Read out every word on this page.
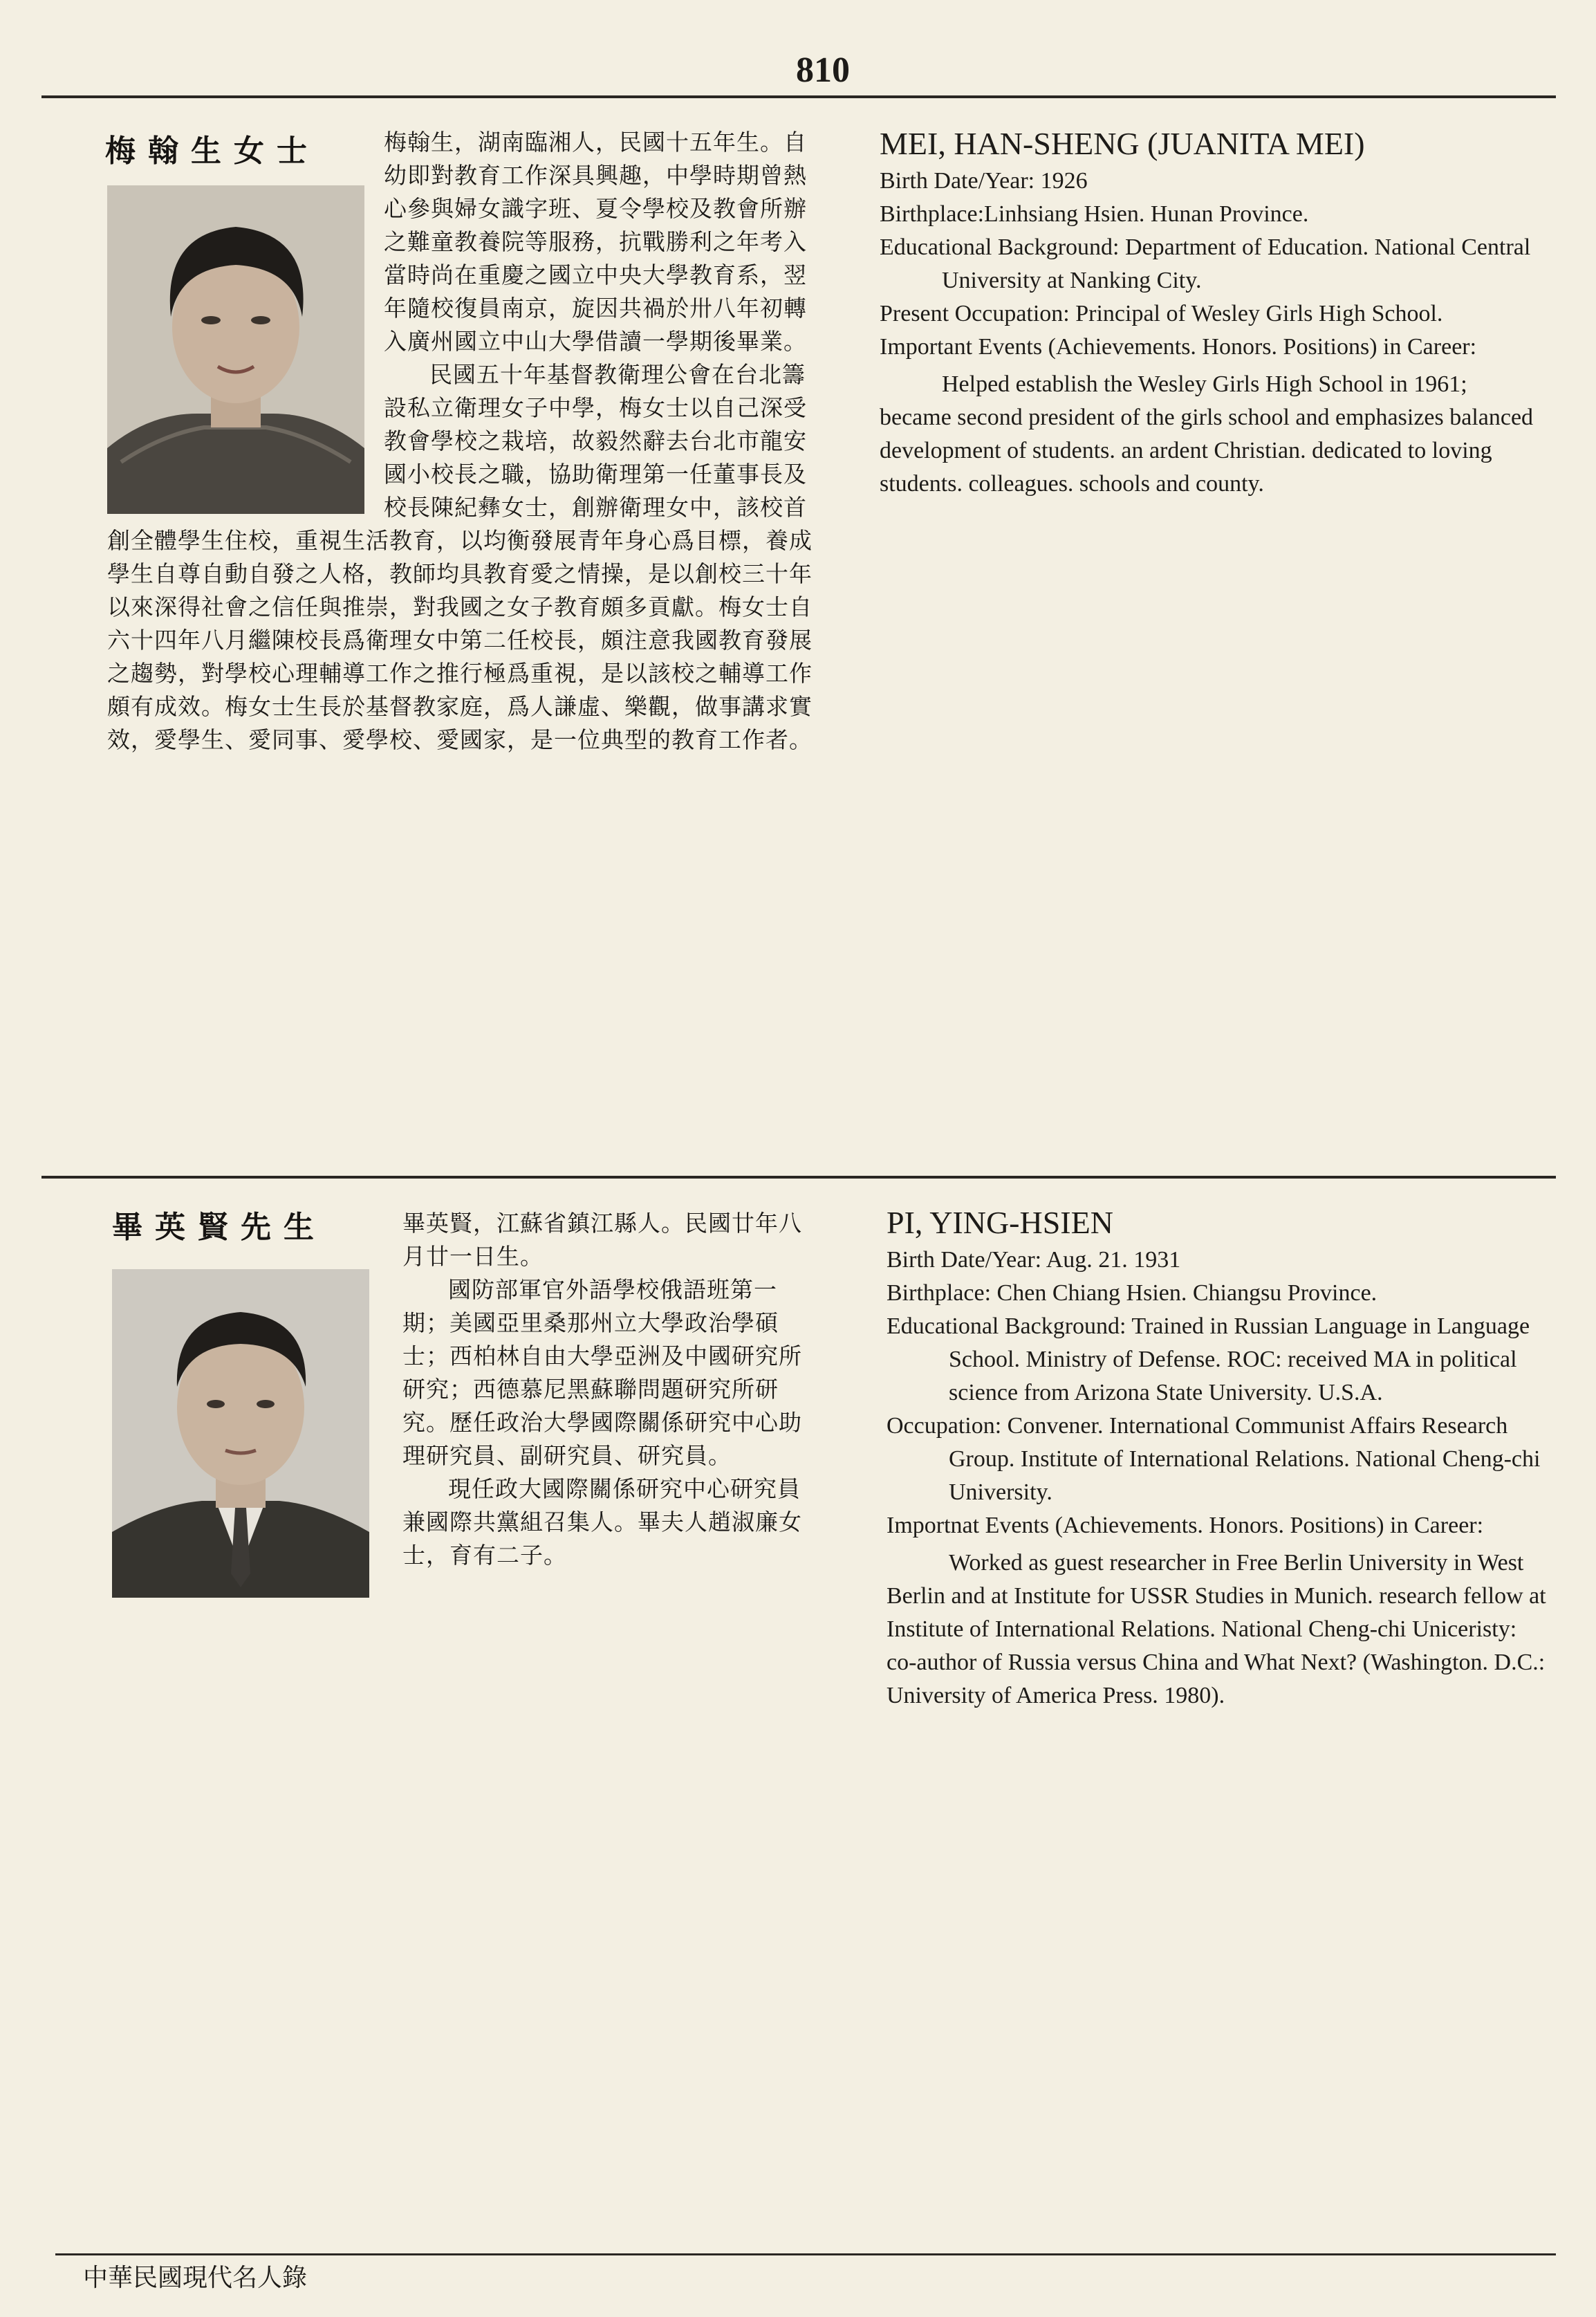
810
梅翰生女士	梅翰生，湖南臨湘人，民國十五年生。自幼即對教育工作深具興趣，中學時期曾熱心參與婦女識字班、夏令學校及教會所辦之難童教養院等服務，抗戰勝利之年考入當時尚在重慶之國立中央大學教育系，翌年隨校復員南京，旋因共禍於卅八年初轉入廣州國立中山大學借讀一學期後畢業。

民國五十年基督教衛理公會在台北籌設私立衛理女子中學，梅女士以自己深受教會學校之栽培，故毅然辭去台北市龍安國小校長之職，協助衛理第一任董事長及校長陳紀彝女士，創辦衛理女中，該校首創全體學生住校，重視生活教育，以均衡發展青年身心爲目標，養成學生自尊自動自發之人格，教師均具教育愛之情操，是以創校三十年以來深得社會之信任與推崇，對我國之女子教育頗多貢獻。梅女士自六十四年八月繼陳校長爲衛理女中第二任校長，頗注意我國教育發展之趨勢，對學校心理輔導工作之推行極爲重視，是以該校之輔導工作頗有成效。梅女士生長於基督教家庭，爲人謙虛、樂觀，做事講求實效，愛學生、愛同事、愛學校、愛國家，是一位典型的教育工作者。

MEI, HAN-SHENG (JUANITA MEI)
Birth Date/Year: 1926
Birthplace:Linhsiang Hsien. Hunan Province.
Educational Background: Department of Education. National Central University at Nanking City.
Present Occupation: Principal of Wesley Girls High School.
Important Events (Achievements. Honors. Positions) in Career:
Helped establish the Wesley Girls High School in 1961; became second president of the girls school and emphasizes balanced development of students. an ardent Christian. dedicated to loving students. colleagues. schools and county.
畢英賢先生	畢英賢，江蘇省鎮江縣人。民國廿年八月廿一日生。

國防部軍官外語學校俄語班第一期；美國亞里桑那州立大學政治學碩士；西柏林自由大學亞洲及中國研究所研究；西德慕尼黑蘇聯問題研究所研究。歷任政治大學國際關係研究中心助理研究員、副研究員、研究員。

現任政大國際關係研究中心研究員兼國際共黨組召集人。畢夫人趙淑廉女士，育有二子。

PI, YING-HSIEN
Birth Date/Year: Aug. 21. 1931
Birthplace: Chen Chiang Hsien. Chiangsu Province.
Educational Background: Trained in Russian Language in Language School. Ministry of Defense. ROC: received MA in political science from Arizona State University. U.S.A.
Occupation: Convener. International Communist Affairs Research Group. Institute of International Relations. National Cheng-chi University.
Importnat Events (Achievements. Honors. Positions) in Career:
Worked as guest researcher in Free Berlin University in West Berlin and at Institute for USSR Studies in Munich. research fellow at Institute of International Relations. National Cheng-chi Uniceristy: co-author of Russia versus China and What Next? (Washington. D.C.: University of America Press. 1980).
中華民國現代名人錄
